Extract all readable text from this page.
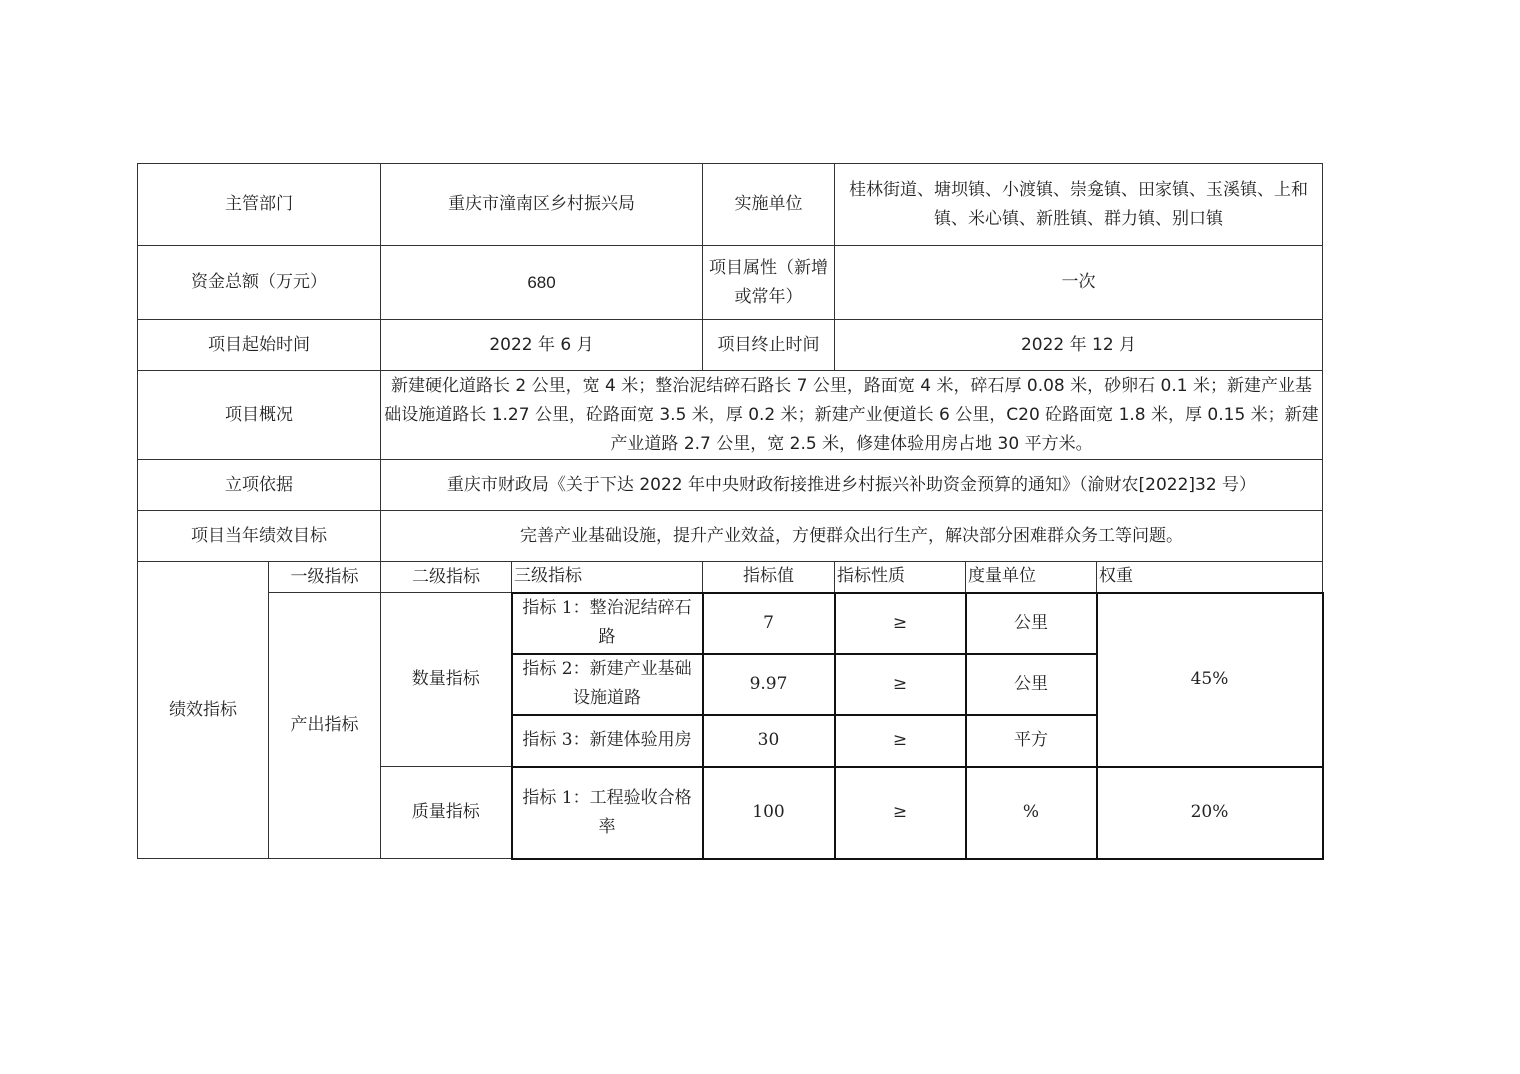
主管部门		重庆市潼南区乡村振兴局		实施单位	桂林街道、塘坝镇、小渡镇、崇龛镇、田家镇、玉溪镇、上和镇、米心镇、新胜镇、群力镇、别口镇		
资金总额（万元）		680		项目属性（新增或常年）	一次		
项目起始时间		2022 年 6 月		项目终止时间	2022 年 12 月		
项目概况		新建硬化道路长 2 公里，宽 4 米；整治泥结碎石路长 7 公里，路面宽 4 米，碎石厚 0.08 米，砂卵石 0.1 米；新建产业基础设施道路长 1.27 公里，砼路面宽 3.5 米，厚 0.2 米；新建产业便道长 6 公里，C20 砼路面宽 1.8 米，厚 0.15 米；新建产业道路 2.7 公里，宽 2.5 米，修建体验用房占地 30 平方米。					
立项依据		重庆市财政局《关于下达 2022 年中央财政衔接推进乡村振兴补助资金预算的通知》（渝财农[2022]32 号）					
项目当年绩效目标		完善产业基础设施，提升产业效益，方便群众出行生产，解决部分困难群众务工等问题。					
绩效指标	一级指标	二级指标	三级指标	指标值	指标性质	度量单位	权重
	产出指标	数量指标	指标 1：整治泥结碎石路	7	≥	公里	45%
			指标 2：新建产业基础设施道路	9.97	≥	公里	
			指标 3：新建体验用房	30	≥	平方	
		质量指标	指标 1：工程验收合格率	100	≥	%	20%
